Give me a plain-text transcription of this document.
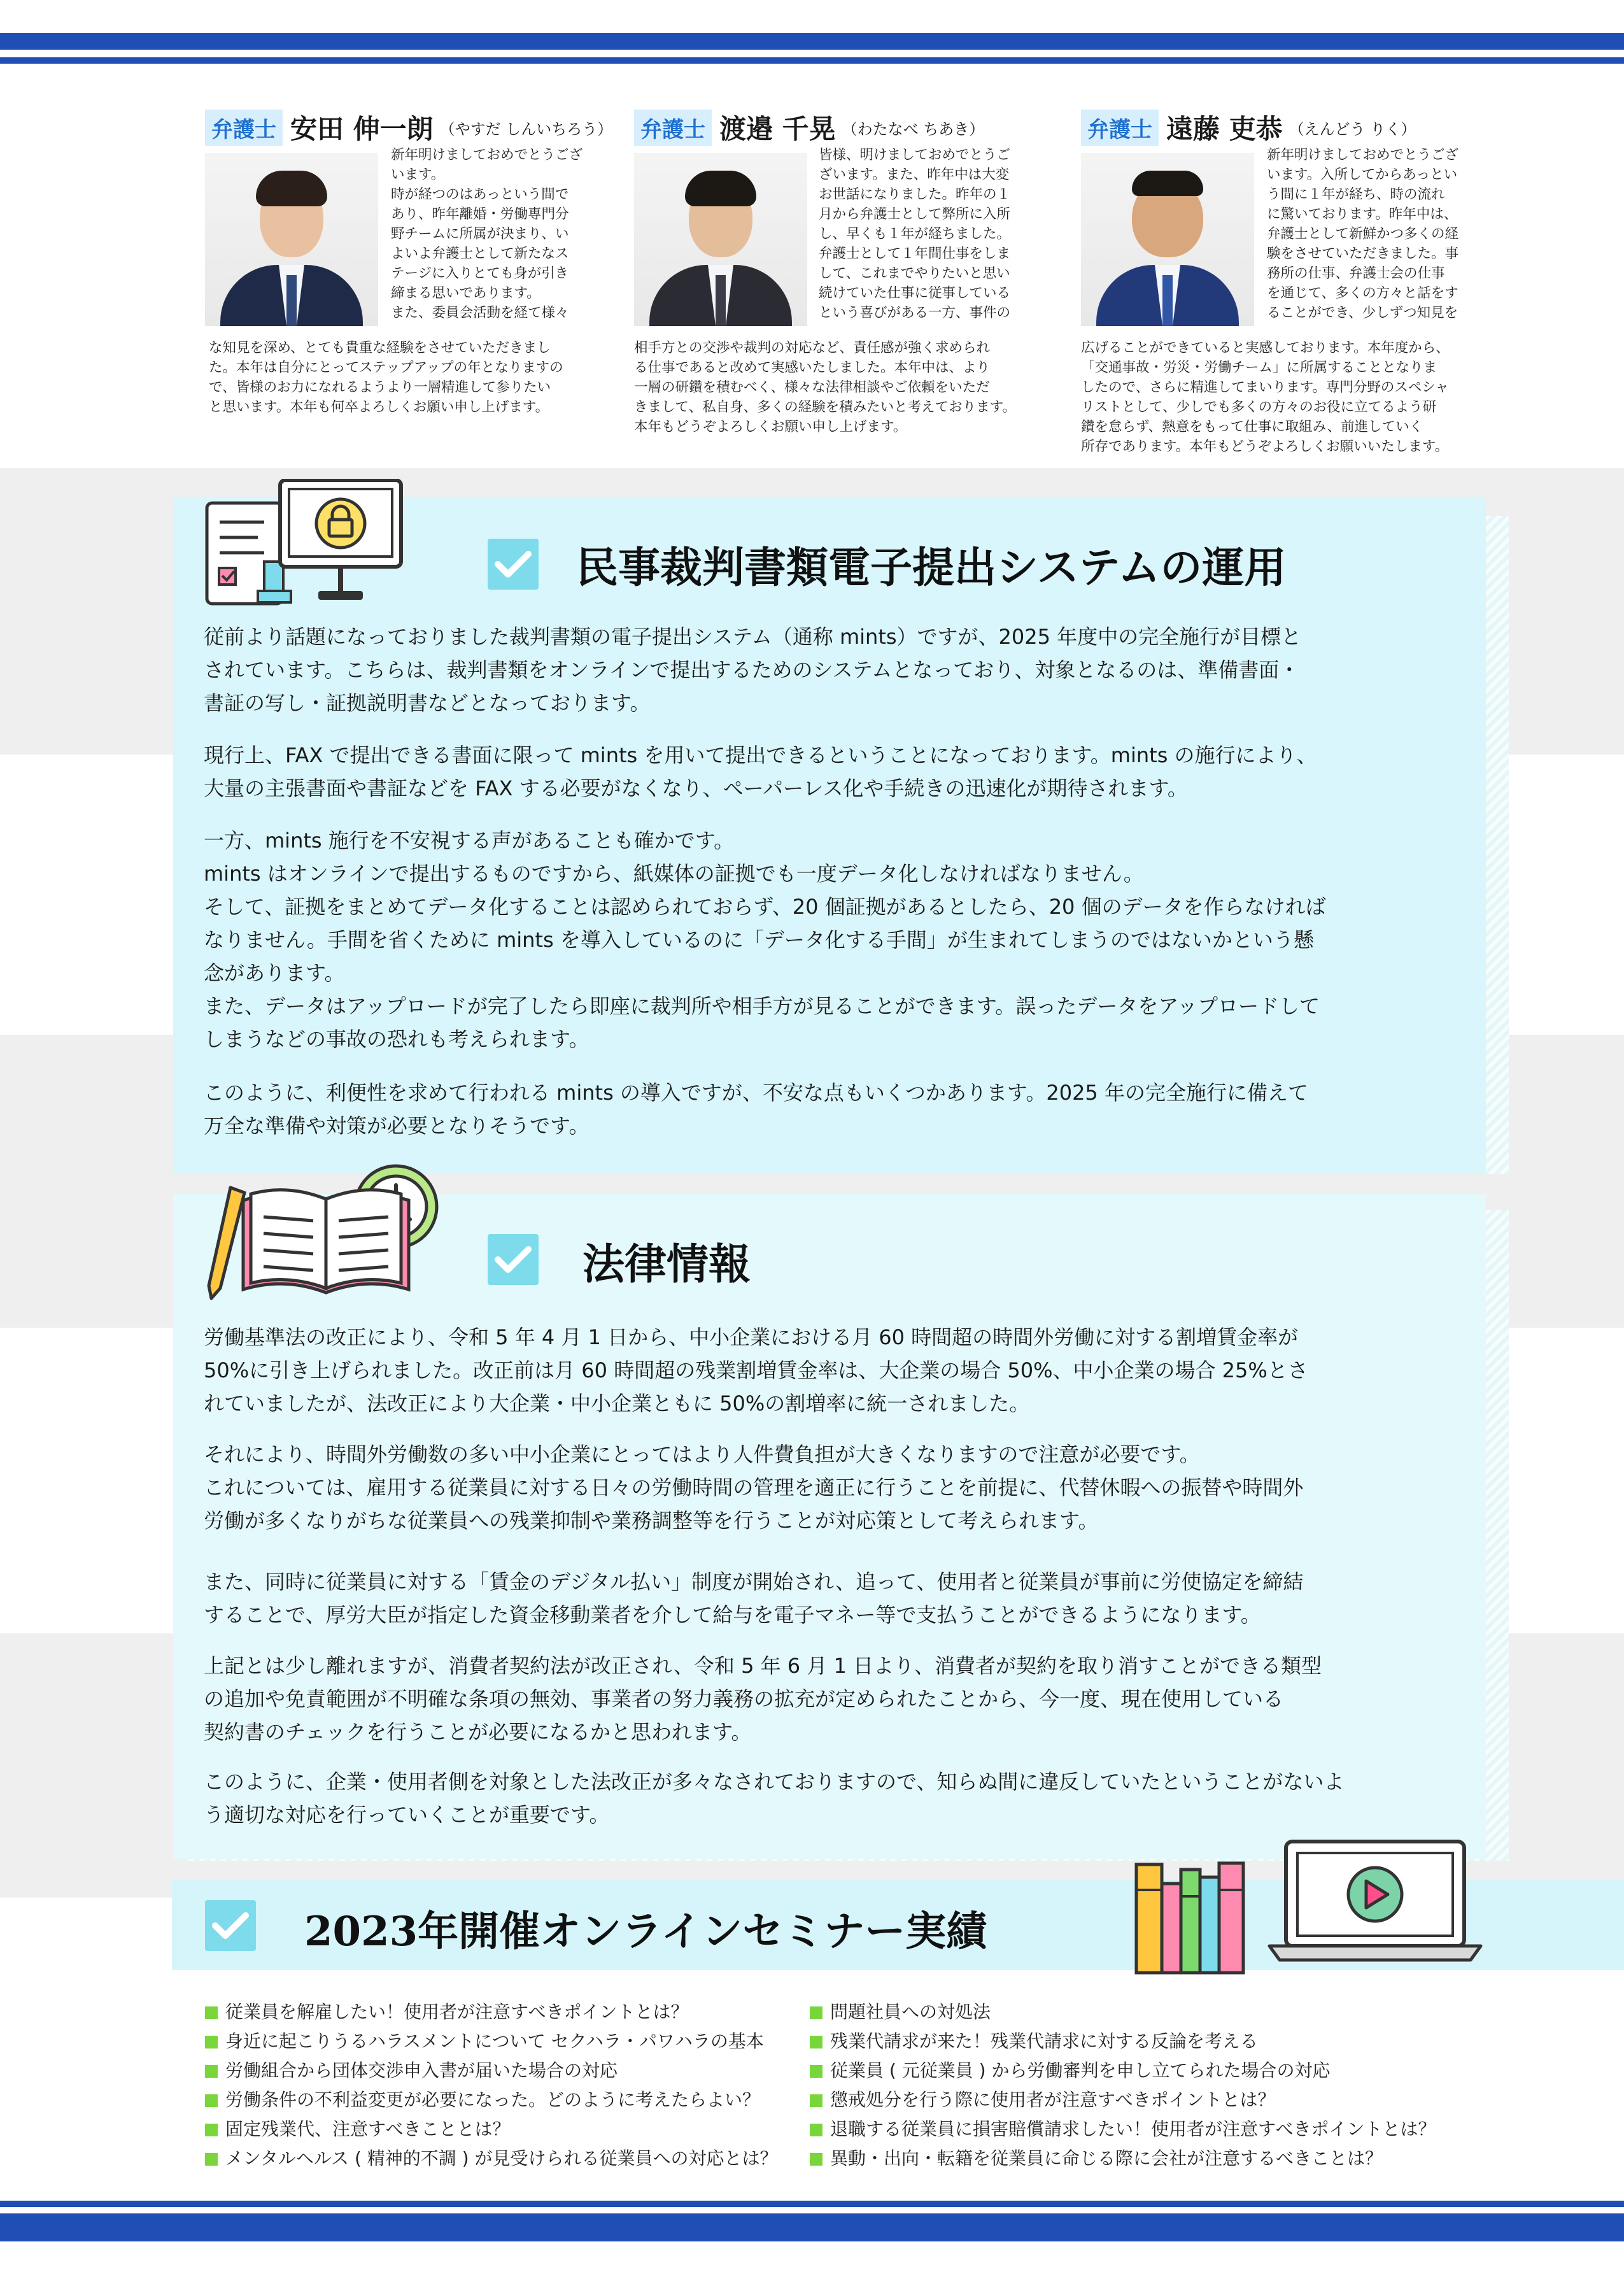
弁護士 安田 伸一朗 （やすだ しんいちろう）
新年明けましておめでとうござ
います。
時が経つのはあっという間で
あり、昨年離婚・労働専門分
野チームに所属が決まり、い
よいよ弁護士として新たなス
テージに入りとても身が引き
締まる思いであります。
また、委員会活動を経て様々
な知見を深め、とても貴重な経験をさせていただきまし
た。本年は自分にとってステップアップの年となりますの
で、皆様のお力になれるようより一層精進して参りたい
と思います。本年も何卒よろしくお願い申し上げます。
弁護士 渡邉 千晃 （わたなべ ちあき）
皆様、明けましておめでとうご
ざいます。また、昨年中は大変
お世話になりました。昨年の１
月から弁護士として弊所に入所
し、早くも１年が経ちました。
弁護士として１年間仕事をしま
して、これまでやりたいと思い
続けていた仕事に従事している
という喜びがある一方、事件の
相手方との交渉や裁判の対応など、責任感が強く求められ
る仕事であると改めて実感いたしました。本年中は、より
一層の研鑽を積むべく、様々な法律相談やご依頼をいただ
きまして、私自身、多くの経験を積みたいと考えております。
本年もどうぞよろしくお願い申し上げます。
弁護士 遠藤 吏恭 （えんどう りく）
新年明けましておめでとうござ
います。入所してからあっとい
う間に１年が経ち、時の流れ
に驚いております。昨年中は、
弁護士として新鮮かつ多くの経
験をさせていただきました。事
務所の仕事、弁護士会の仕事
を通じて、多くの方々と話をす
ることができ、少しずつ知見を
広げることができていると実感しております。本年度から、
「交通事故・労災・労働チーム」に所属することとなりま
したので、さらに精進してまいります。専門分野のスペシャ
リストとして、少しでも多くの方々のお役に立てるよう研
鑽を怠らず、熱意をもって仕事に取組み、前進していく
所存であります。本年もどうぞよろしくお願いいたします。
民事裁判書類電子提出システムの運用

従前より話題になっておりました裁判書類の電子提出システム（通称 mints）ですが、2025 年度中の完全施行が目標と

されています。こちらは、裁判書類をオンラインで提出するためのシステムとなっており、対象となるのは、準備書面・

書証の写し・証拠説明書などとなっております。

現行上、FAX で提出できる書面に限って mints を用いて提出できるということになっております。mints の施行により、

大量の主張書面や書証などを FAX する必要がなくなり、ペーパーレス化や手続きの迅速化が期待されます。

一方、mints 施行を不安視する声があることも確かです。

mints はオンラインで提出するものですから、紙媒体の証拠でも一度データ化しなければなりません。

そして、証拠をまとめてデータ化することは認められておらず、20 個証拠があるとしたら、20 個のデータを作らなければ

なりません。手間を省くために mints を導入しているのに「データ化する手間」が生まれてしまうのではないかという懸

念があります。

また、データはアップロードが完了したら即座に裁判所や相手方が見ることができます。誤ったデータをアップロードして

しまうなどの事故の恐れも考えられます。

このように、利便性を求めて行われる mints の導入ですが、不安な点もいくつかあります。2025 年の完全施行に備えて

万全な準備や対策が必要となりそうです。

法律情報

労働基準法の改正により、令和 5 年 4 月 1 日から、中小企業における月 60 時間超の時間外労働に対する割増賃金率が

50%に引き上げられました。改正前は月 60 時間超の残業割増賃金率は、大企業の場合 50%、中小企業の場合 25%とさ

れていましたが、法改正により大企業・中小企業ともに 50%の割増率に統一されました。

それにより、時間外労働数の多い中小企業にとってはより人件費負担が大きくなりますので注意が必要です。

これについては、雇用する従業員に対する日々の労働時間の管理を適正に行うことを前提に、代替休暇への振替や時間外

労働が多くなりがちな従業員への残業抑制や業務調整等を行うことが対応策として考えられます。

また、同時に従業員に対する「賃金のデジタル払い」制度が開始され、追って、使用者と従業員が事前に労使協定を締結

することで、厚労大臣が指定した資金移動業者を介して給与を電子マネー等で支払うことができるようになります。

上記とは少し離れますが、消費者契約法が改正され、令和 5 年 6 月 1 日より、消費者が契約を取り消すことができる類型

の追加や免責範囲が不明確な条項の無効、事業者の努力義務の拡充が定められたことから、今一度、現在使用している

契約書のチェックを行うことが必要になるかと思われます。

このように、企業・使用者側を対象とした法改正が多々なされておりますので、知らぬ間に違反していたということがないよ

う適切な対応を行っていくことが重要です。

2023年開催オンラインセミナー実績
従業員を解雇したい！使用者が注意すべきポイントとは？
身近に起こりうるハラスメントについて セクハラ・パワハラの基本
労働組合から団体交渉申入書が届いた場合の対応
労働条件の不利益変更が必要になった。どのように考えたらよい？
固定残業代、注意すべきこととは？
メンタルヘルス ( 精神的不調 ) が見受けられる従業員への対応とは？
問題社員への対処法
残業代請求が来た！残業代請求に対する反論を考える
従業員 ( 元従業員 ) から労働審判を申し立てられた場合の対応
懲戒処分を行う際に使用者が注意すべきポイントとは？
退職する従業員に損害賠償請求したい！使用者が注意すべきポイントとは？
異動・出向・転籍を従業員に命じる際に会社が注意するべきことは？
